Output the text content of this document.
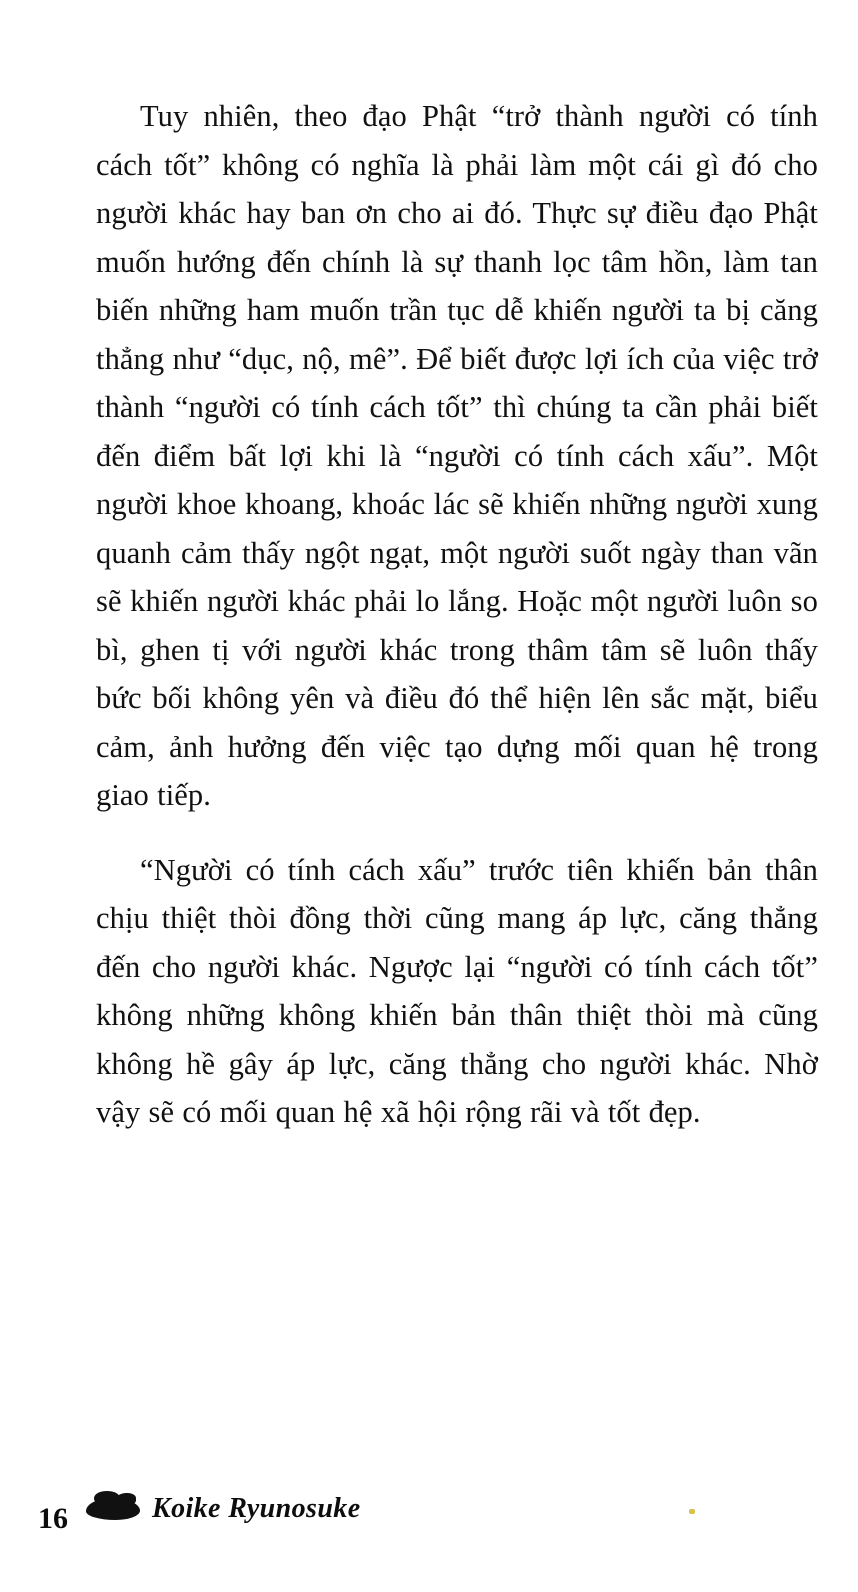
Tuy nhiên, theo đạo Phật “trở thành người có tính cách tốt” không có nghĩa là phải làm một cái gì đó cho người khác hay ban ơn cho ai đó. Thực sự điều đạo Phật muốn hướng đến chính là sự thanh lọc tâm hồn, làm tan biến những ham muốn trần tục dễ khiến người ta bị căng thẳng như “dục, nộ, mê”. Để biết được lợi ích của việc trở thành “người có tính cách tốt” thì chúng ta cần phải biết đến điểm bất lợi khi là “người có tính cách xấu”. Một người khoe khoang, khoác lác sẽ khiến những người xung quanh cảm thấy ngột ngạt, một người suốt ngày than vãn sẽ khiến người khác phải lo lắng. Hoặc một người luôn so bì, ghen tị với người khác trong thâm tâm sẽ luôn thấy bức bối không yên và điều đó thể hiện lên sắc mặt, biểu cảm, ảnh hưởng đến việc tạo dựng mối quan hệ trong giao tiếp.

“Người có tính cách xấu” trước tiên khiến bản thân chịu thiệt thòi đồng thời cũng mang áp lực, căng thẳng đến cho người khác. Ngược lại “người có tính cách tốt” không những không khiến bản thân thiệt thòi mà cũng không hề gây áp lực, căng thẳng cho người khác. Nhờ vậy sẽ có mối quan hệ xã hội rộng rãi và tốt đẹp.

16	Koike Ryunosuke
